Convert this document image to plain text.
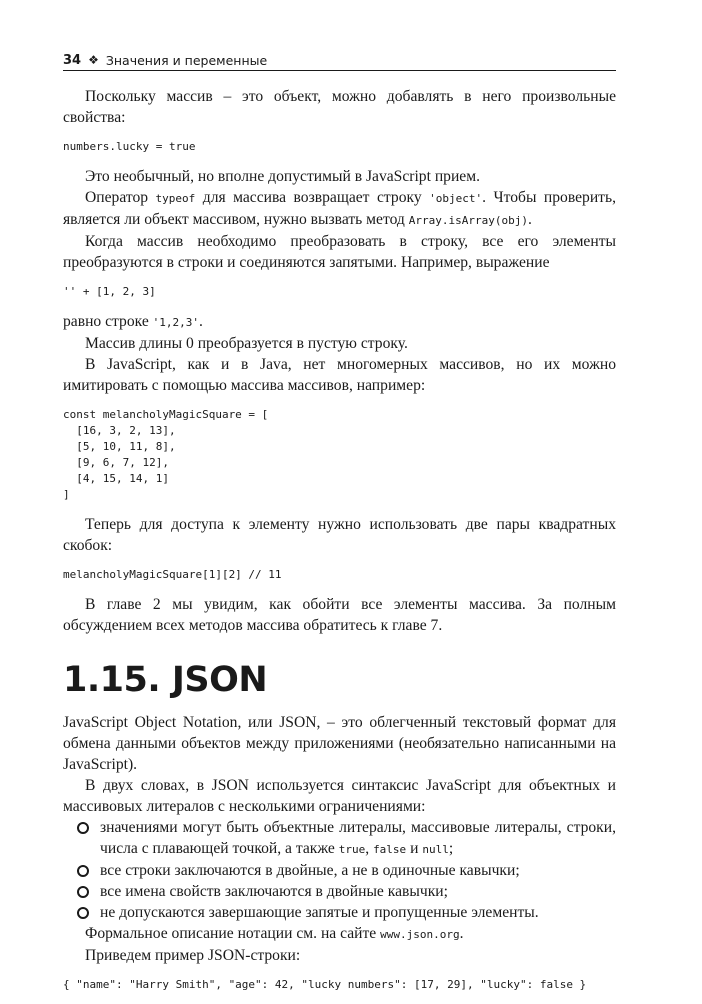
34 ❖ Значения и переменные

Поскольку массив – это объект, можно добавлять в него произвольные свойства:

numbers.lucky = true

Это необычный, но вполне допустимый в JavaScript прием.

Оператор typeof для массива возвращает строку 'object'. Чтобы проверить, является ли объект массивом, нужно вызвать метод Array.isArray(obj).

Когда массив необходимо преобразовать в строку, все его элементы преобразуются в строки и соединяются запятыми. Например, выражение

'' + [1, 2, 3]

равно строке '1,2,3'.

Массив длины 0 преобразуется в пустую строку.

В JavaScript, как и в Java, нет многомерных массивов, но их можно имитировать с помощью массива массивов, например:

const melancholyMagicSquare = [
[16, 3, 2, 13],
[5, 10, 11, 8],
[9, 6, 7, 12],
[4, 15, 14, 1]
]

Теперь для доступа к элементу нужно использовать две пары квадратных скобок:

melancholyMagicSquare[1][2] // 11

В главе 2 мы увидим, как обойти все элементы массива. За полным обсуждением всех методов массива обратитесь к главе 7.

1.15. JSON

JavaScript Object Notation, или JSON, – это облегченный текстовый формат для обмена данными объектов между приложениями (необязательно написанными на JavaScript).

В двух словах, в JSON используется синтаксис JavaScript для объектных и массивовых литералов с несколькими ограничениями:

значениями могут быть объектные литералы, массивовые литералы, строки, числа с плавающей точкой, а также true, false и null;
все строки заключаются в двойные, а не в одиночные кавычки;
все имена свойств заключаются в двойные кавычки;
не допускаются завершающие запятые и пропущенные элементы.

Формальное описание нотации см. на сайте www.json.org.

Приведем пример JSON-строки:

{ "name": "Harry Smith", "age": 42, "lucky numbers": [17, 29], "lucky": false }
